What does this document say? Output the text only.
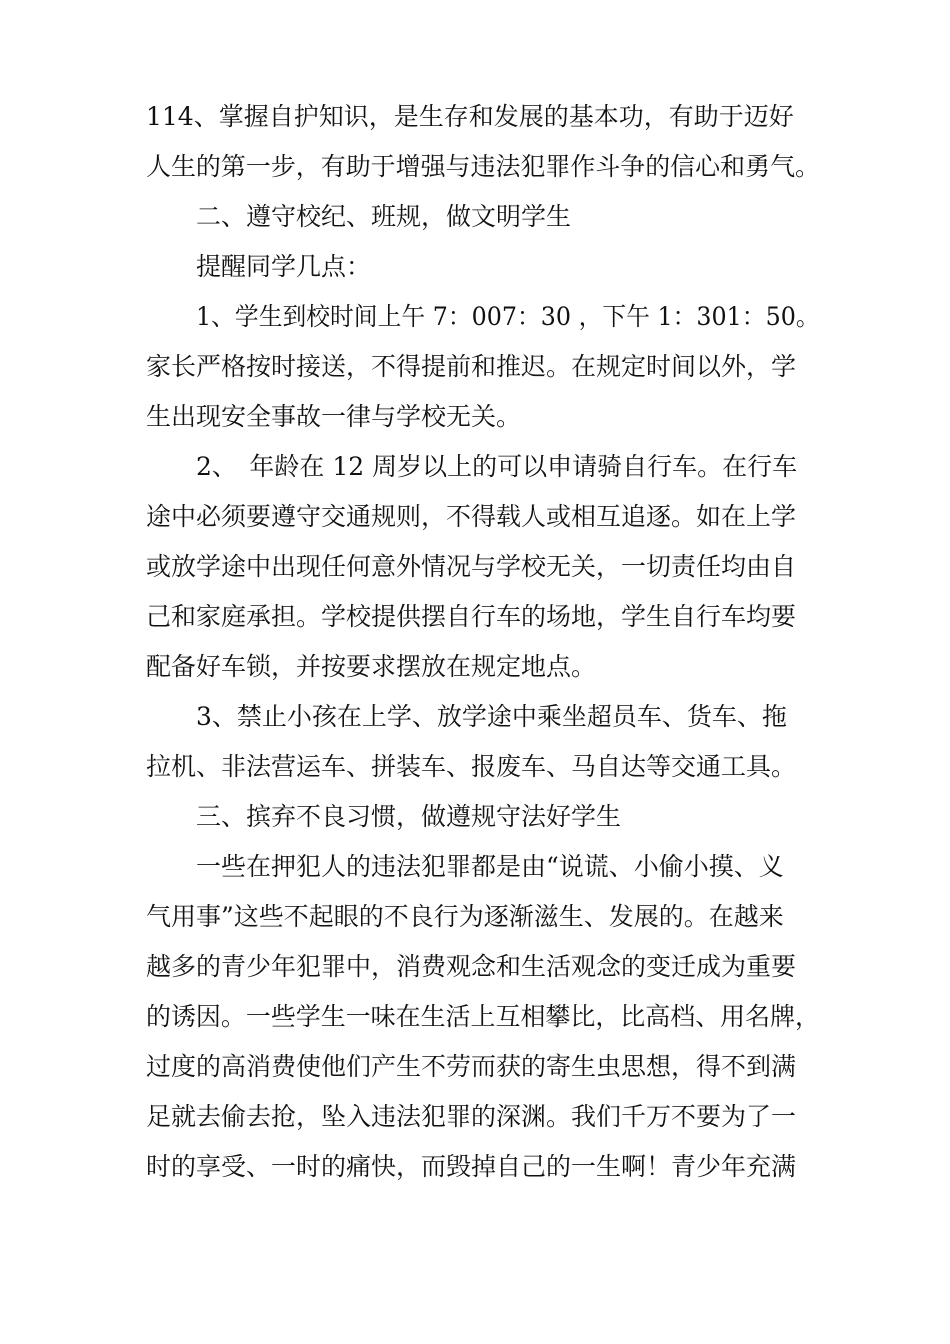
114、掌握自护知识，是生存和发展的基本功，有助于迈好
人生的第一步，有助于增强与违法犯罪作斗争的信心和勇气。
二、遵守校纪、班规，做文明学生
提醒同学几点：
1、学生到校时间上午 7：007：30 ，下午 1：301：50。
家长严格按时接送，不得提前和推迟。在规定时间以外，学
生出现安全事故一律与学校无关。
2、　年龄在 12 周岁以上的可以申请骑自行车。在行车
途中必须要遵守交通规则，不得载人或相互追逐。如在上学
或放学途中出现任何意外情况与学校无关，一切责任均由自
己和家庭承担。学校提供摆自行车的场地，学生自行车均要
配备好车锁，并按要求摆放在规定地点。
3、禁止小孩在上学、放学途中乘坐超员车、货车、拖
拉机、非法营运车、拼装车、报废车、马自达等交通工具。
三、摈弃不良习惯，做遵规守法好学生
一些在押犯人的违法犯罪都是由“说谎、小偷小摸、义
气用事”这些不起眼的不良行为逐渐滋生、发展的。在越来
越多的青少年犯罪中，消费观念和生活观念的变迁成为重要
的诱因。一些学生一味在生活上互相攀比，比高档、用名牌，
过度的高消费使他们产生不劳而获的寄生虫思想，得不到满
足就去偷去抢，坠入违法犯罪的深渊。我们千万不要为了一
时的享受、一时的痛快，而毁掉自己的一生啊！青少年充满
